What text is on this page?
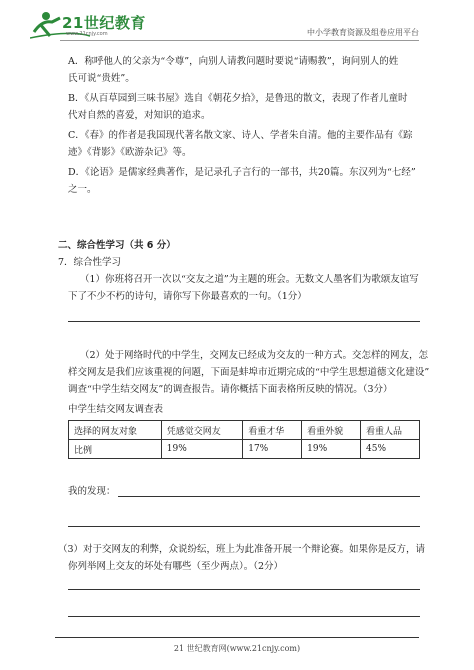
21世纪教育
www.21cnjy.com	中小学教育资源及组卷应用平台
A．称呼他人的父亲为“令尊”，向别人请教问题时要说“请赐教”，询问别人的姓
氏可说“贵姓”。
B．《从百草园到三味书屋》选自《朝花夕拾》，是鲁迅的散文，表现了作者儿童时
代对自然的喜爱，对知识的追求。
C．《春》的作者是我国现代著名散文家、诗人、学者朱自清。他的主要作品有《踪
迹》《背影》《欧游杂记》等。
D．《论语》是儒家经典著作，是记录孔子言行的一部书，共20篇。东汉列为“七经”
之一。
二、综合性学习（共 6 分）
7．综合性学习
（1）你班将召开一次以“交友之道”为主题的班会。无数文人墨客们为歌颂友谊写
下了不少不朽的诗句，请你写下你最喜欢的一句。（1分）
（2）处于网络时代的中学生，交网友已经成为交友的一种方式。交怎样的网友，怎
样交网友是我们应该重视的问题，下面是蚌埠市近期完成的“中学生思想道德文化建设”
调查“中学生结交网友”的调查报告。请你概括下面表格所反映的情况。（3分）
中学生结交网友调查表
选择的网友对象	凭感觉交网友	看重才华	看重外貌	看重人品
比例	19%	17%	19%	45%
我的发现：
（3）对于交网友的利弊，众说纷纭，班上为此准备开展一个辩论赛。如果你是反方，请
你列举网上交友的坏处有哪些（至少两点）。（2分）
21 世纪教育网(www.21cnjy.com)
